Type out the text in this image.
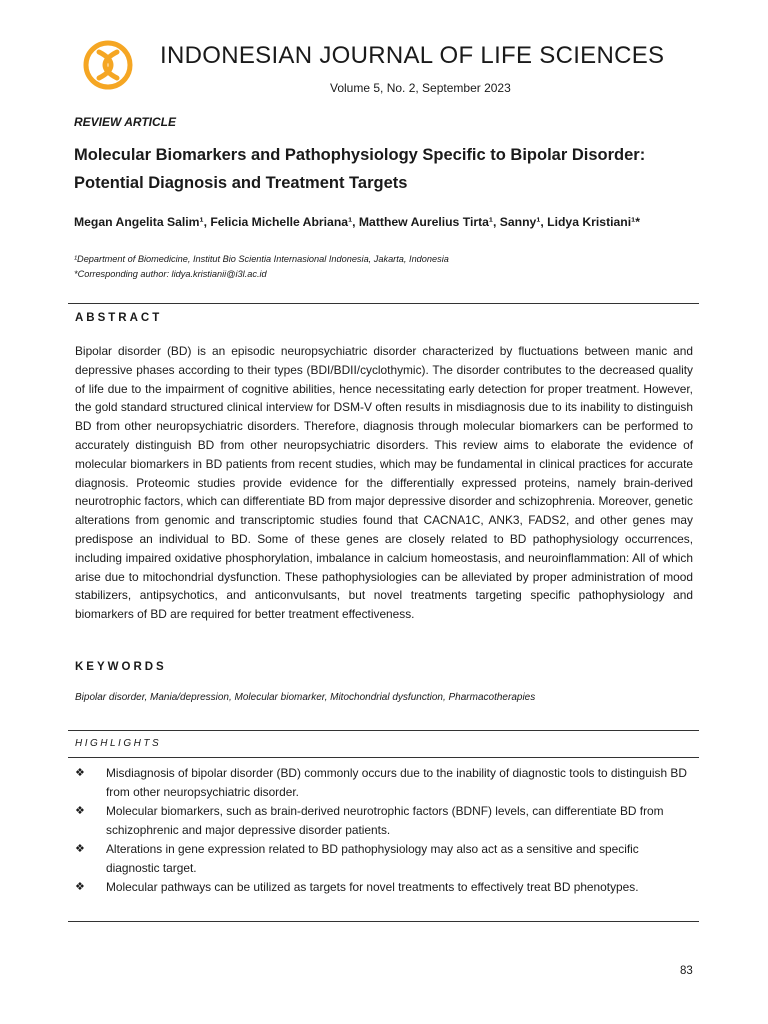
INDONESIAN JOURNAL OF LIFE SCIENCES
Volume 5, No. 2, September 2023
REVIEW ARTICLE
Molecular Biomarkers and Pathophysiology Specific to Bipolar Disorder: Potential Diagnosis and Treatment Targets
Megan Angelita Salim¹, Felicia Michelle Abriana¹, Matthew Aurelius Tirta¹, Sanny¹, Lidya Kristiani¹*
¹Department of Biomedicine, Institut Bio Scientia Internasional Indonesia, Jakarta, Indonesia
*Corresponding author: lidya.kristianii@i3l.ac.id
ABSTRACT

Bipolar disorder (BD) is an episodic neuropsychiatric disorder characterized by fluctuations between manic and depressive phases according to their types (BDI/BDII/cyclothymic). The disorder contributes to the decreased quality of life due to the impairment of cognitive abilities, hence necessitating early detection for proper treatment. However, the gold standard structured clinical interview for DSM-V often results in misdiagnosis due to its inability to distinguish BD from other neuropsychiatric disorders. Therefore, diagnosis through molecular biomarkers can be performed to accurately distinguish BD from other neuropsychiatric disorders. This review aims to elaborate the evidence of molecular biomarkers in BD patients from recent studies, which may be fundamental in clinical practices for accurate diagnosis. Proteomic studies provide evidence for the differentially expressed proteins, namely brain-derived neurotrophic factors, which can differentiate BD from major depressive disorder and schizophrenia. Moreover, genetic alterations from genomic and transcriptomic studies found that CACNA1C, ANK3, FADS2, and other genes may predispose an individual to BD. Some of these genes are closely related to BD pathophysiology occurrences, including impaired oxidative phosphorylation, imbalance in calcium homeostasis, and neuroinflammation: All of which arise due to mitochondrial dysfunction. These pathophysiologies can be alleviated by proper administration of mood stabilizers, antipsychotics, and anticonvulsants, but novel treatments targeting specific pathophysiology and biomarkers of BD are required for better treatment effectiveness.

KEYWORDS
Bipolar disorder, Mania/depression, Molecular biomarker, Mitochondrial dysfunction, Pharmacotherapies
HIGHLIGHTS
❖ Misdiagnosis of bipolar disorder (BD) commonly occurs due to the inability of diagnostic tools to distinguish BD from other neuropsychiatric disorder.
❖ Molecular biomarkers, such as brain-derived neurotrophic factors (BDNF) levels, can differentiate BD from schizophrenic and major depressive disorder patients.
❖ Alterations in gene expression related to BD pathophysiology may also act as a sensitive and specific diagnostic target.
❖ Molecular pathways can be utilized as targets for novel treatments to effectively treat BD phenotypes.
83
